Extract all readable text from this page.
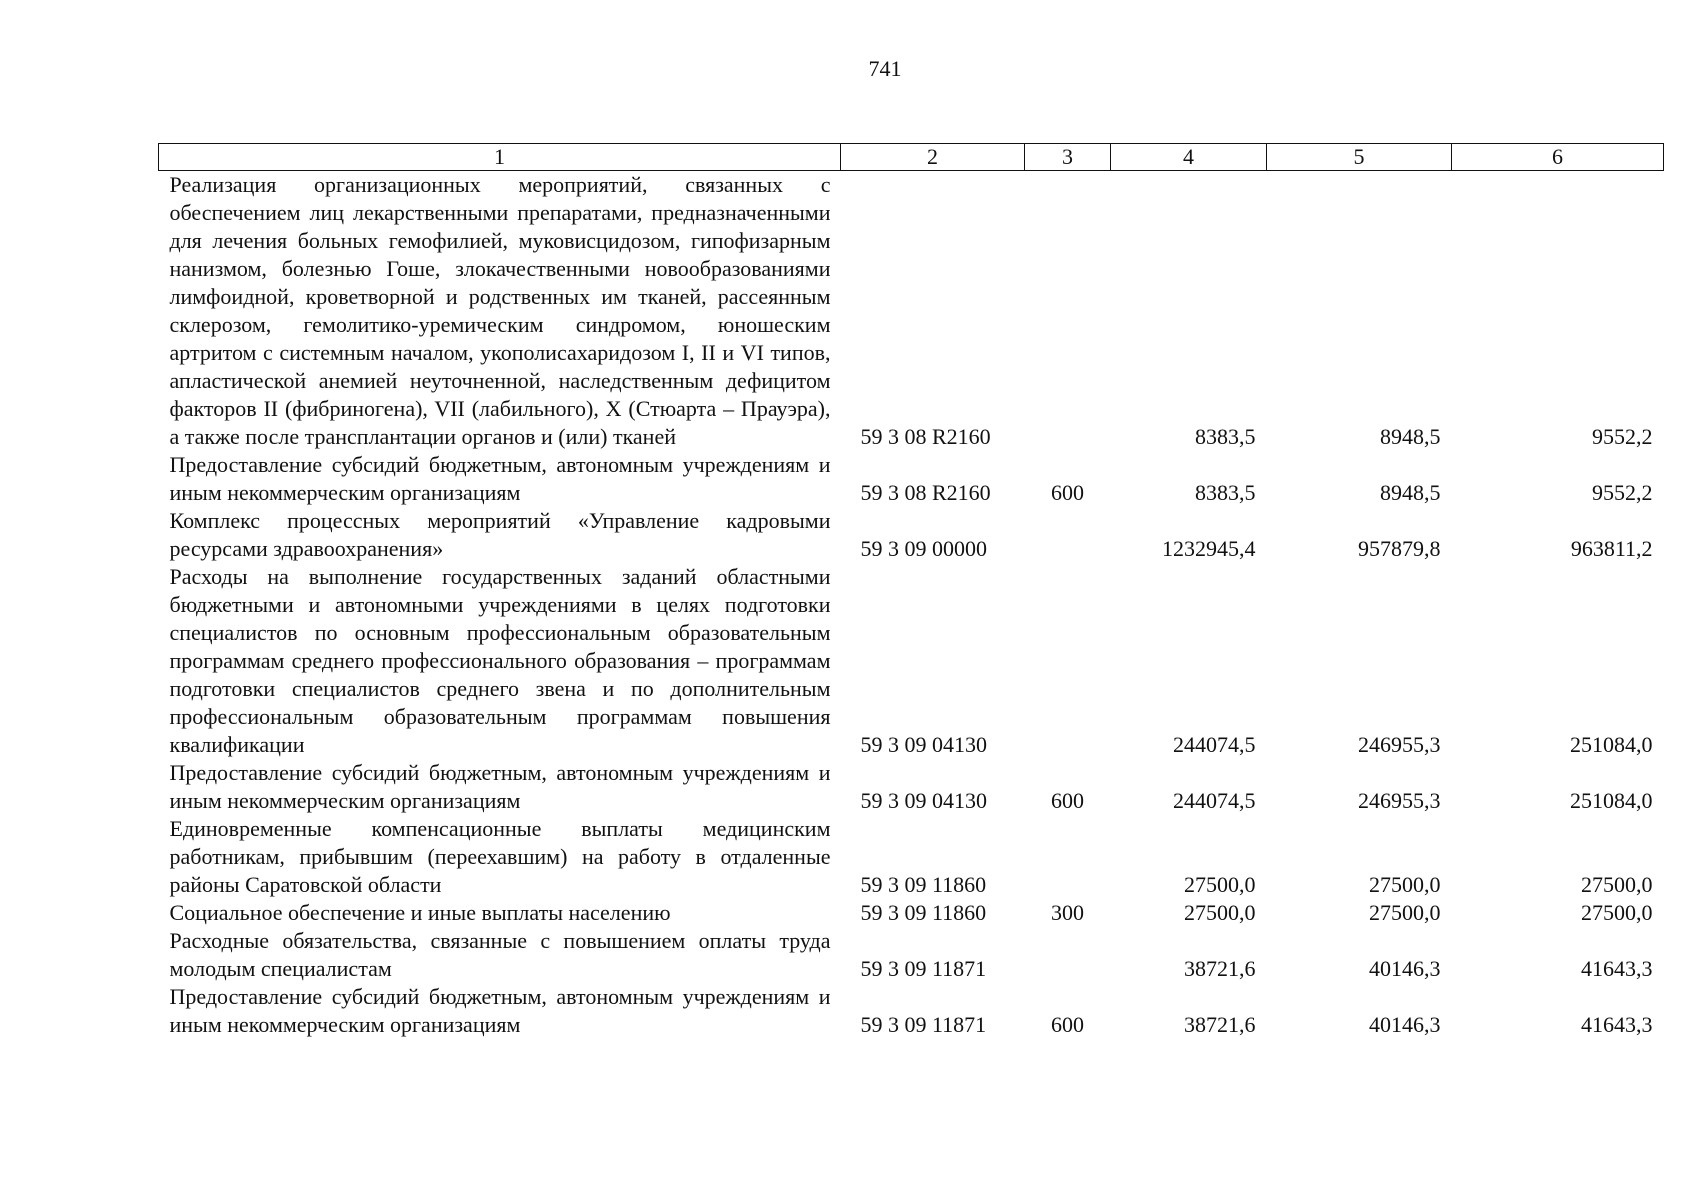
741
1	2	3	4	5	6
Реализация организационных мероприятий, связанных с обеспечением лиц лекарственными препаратами, предназначенными для лечения больных гемофилией, муковисцидозом, гипофизарным нанизмом, болезнью Гоше, злокачественными новообразованиями лимфоидной, кроветворной и родственных им тканей, рассеянным склерозом, гемолитико-уремическим синдромом, юношеским артритом с системным началом, укополисахаридозом I, II и VI типов, апластической анемией неуточненной, наследственным дефицитом факторов II (фибриногена), VII (лабильного), X (Стюарта – Прауэра), а также после трансплантации органов и (или) тканей	59 3 08 R2160		8383,5	8948,5	9552,2
Предоставление субсидий бюджетным, автономным учреждениям и иным некоммерческим организациям	59 3 08 R2160	600	8383,5	8948,5	9552,2
Комплекс процессных мероприятий «Управление кадровыми ресурсами здравоохранения»	59 3 09 00000		1232945,4	957879,8	963811,2
Расходы на выполнение государственных заданий областными бюджетными и автономными учреждениями в целях подготовки специалистов по основным профессиональным образовательным программам среднего профессионального образования – программам подготовки специалистов среднего звена и по дополнительным профессиональным образовательным программам повышения квалификации	59 3 09 04130		244074,5	246955,3	251084,0
Предоставление субсидий бюджетным, автономным учреждениям и иным некоммерческим организациям	59 3 09 04130	600	244074,5	246955,3	251084,0
Единовременные компенсационные выплаты медицинским работникам, прибывшим (переехавшим) на работу в отдаленные районы Саратовской области	59 3 09 11860		27500,0	27500,0	27500,0
Социальное обеспечение и иные выплаты населению	59 3 09 11860	300	27500,0	27500,0	27500,0
Расходные обязательства, связанные с повышением оплаты труда молодым специалистам	59 3 09 11871		38721,6	40146,3	41643,3
Предоставление субсидий бюджетным, автономным учреждениям и иным некоммерческим организациям	59 3 09 11871	600	38721,6	40146,3	41643,3
